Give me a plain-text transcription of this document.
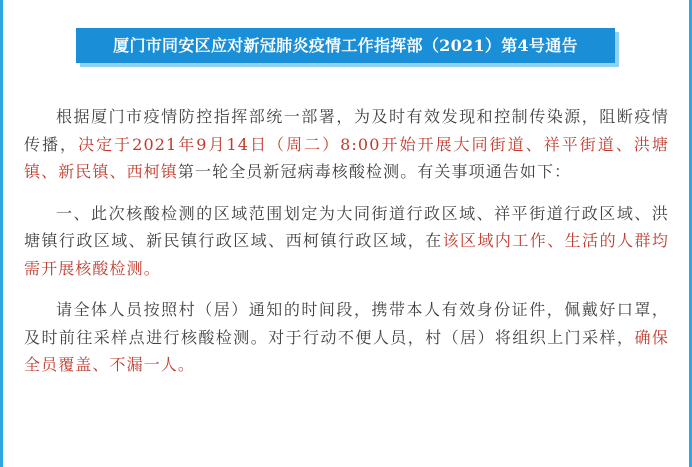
厦门市同安区应对新冠肺炎疫情工作指挥部（2021）第4号通告

根据厦门市疫情防控指挥部统一部署，为及时有效发现和控制传染源，阻断疫情传播，决定于2021年9月14日（周二）8:00开始开展大同街道、祥平街道、洪塘镇、新民镇、西柯镇第一轮全员新冠病毒核酸检测。有关事项通告如下：

一、此次核酸检测的区域范围划定为大同街道行政区域、祥平街道行政区域、洪塘镇行政区域、新民镇行政区域、西柯镇行政区域，在该区域内工作、生活的人群均需开展核酸检测。

请全体人员按照村（居）通知的时间段，携带本人有效身份证件，佩戴好口罩，及时前往采样点进行核酸检测。对于行动不便人员，村（居）将组织上门采样，确保全员覆盖、不漏一人。
